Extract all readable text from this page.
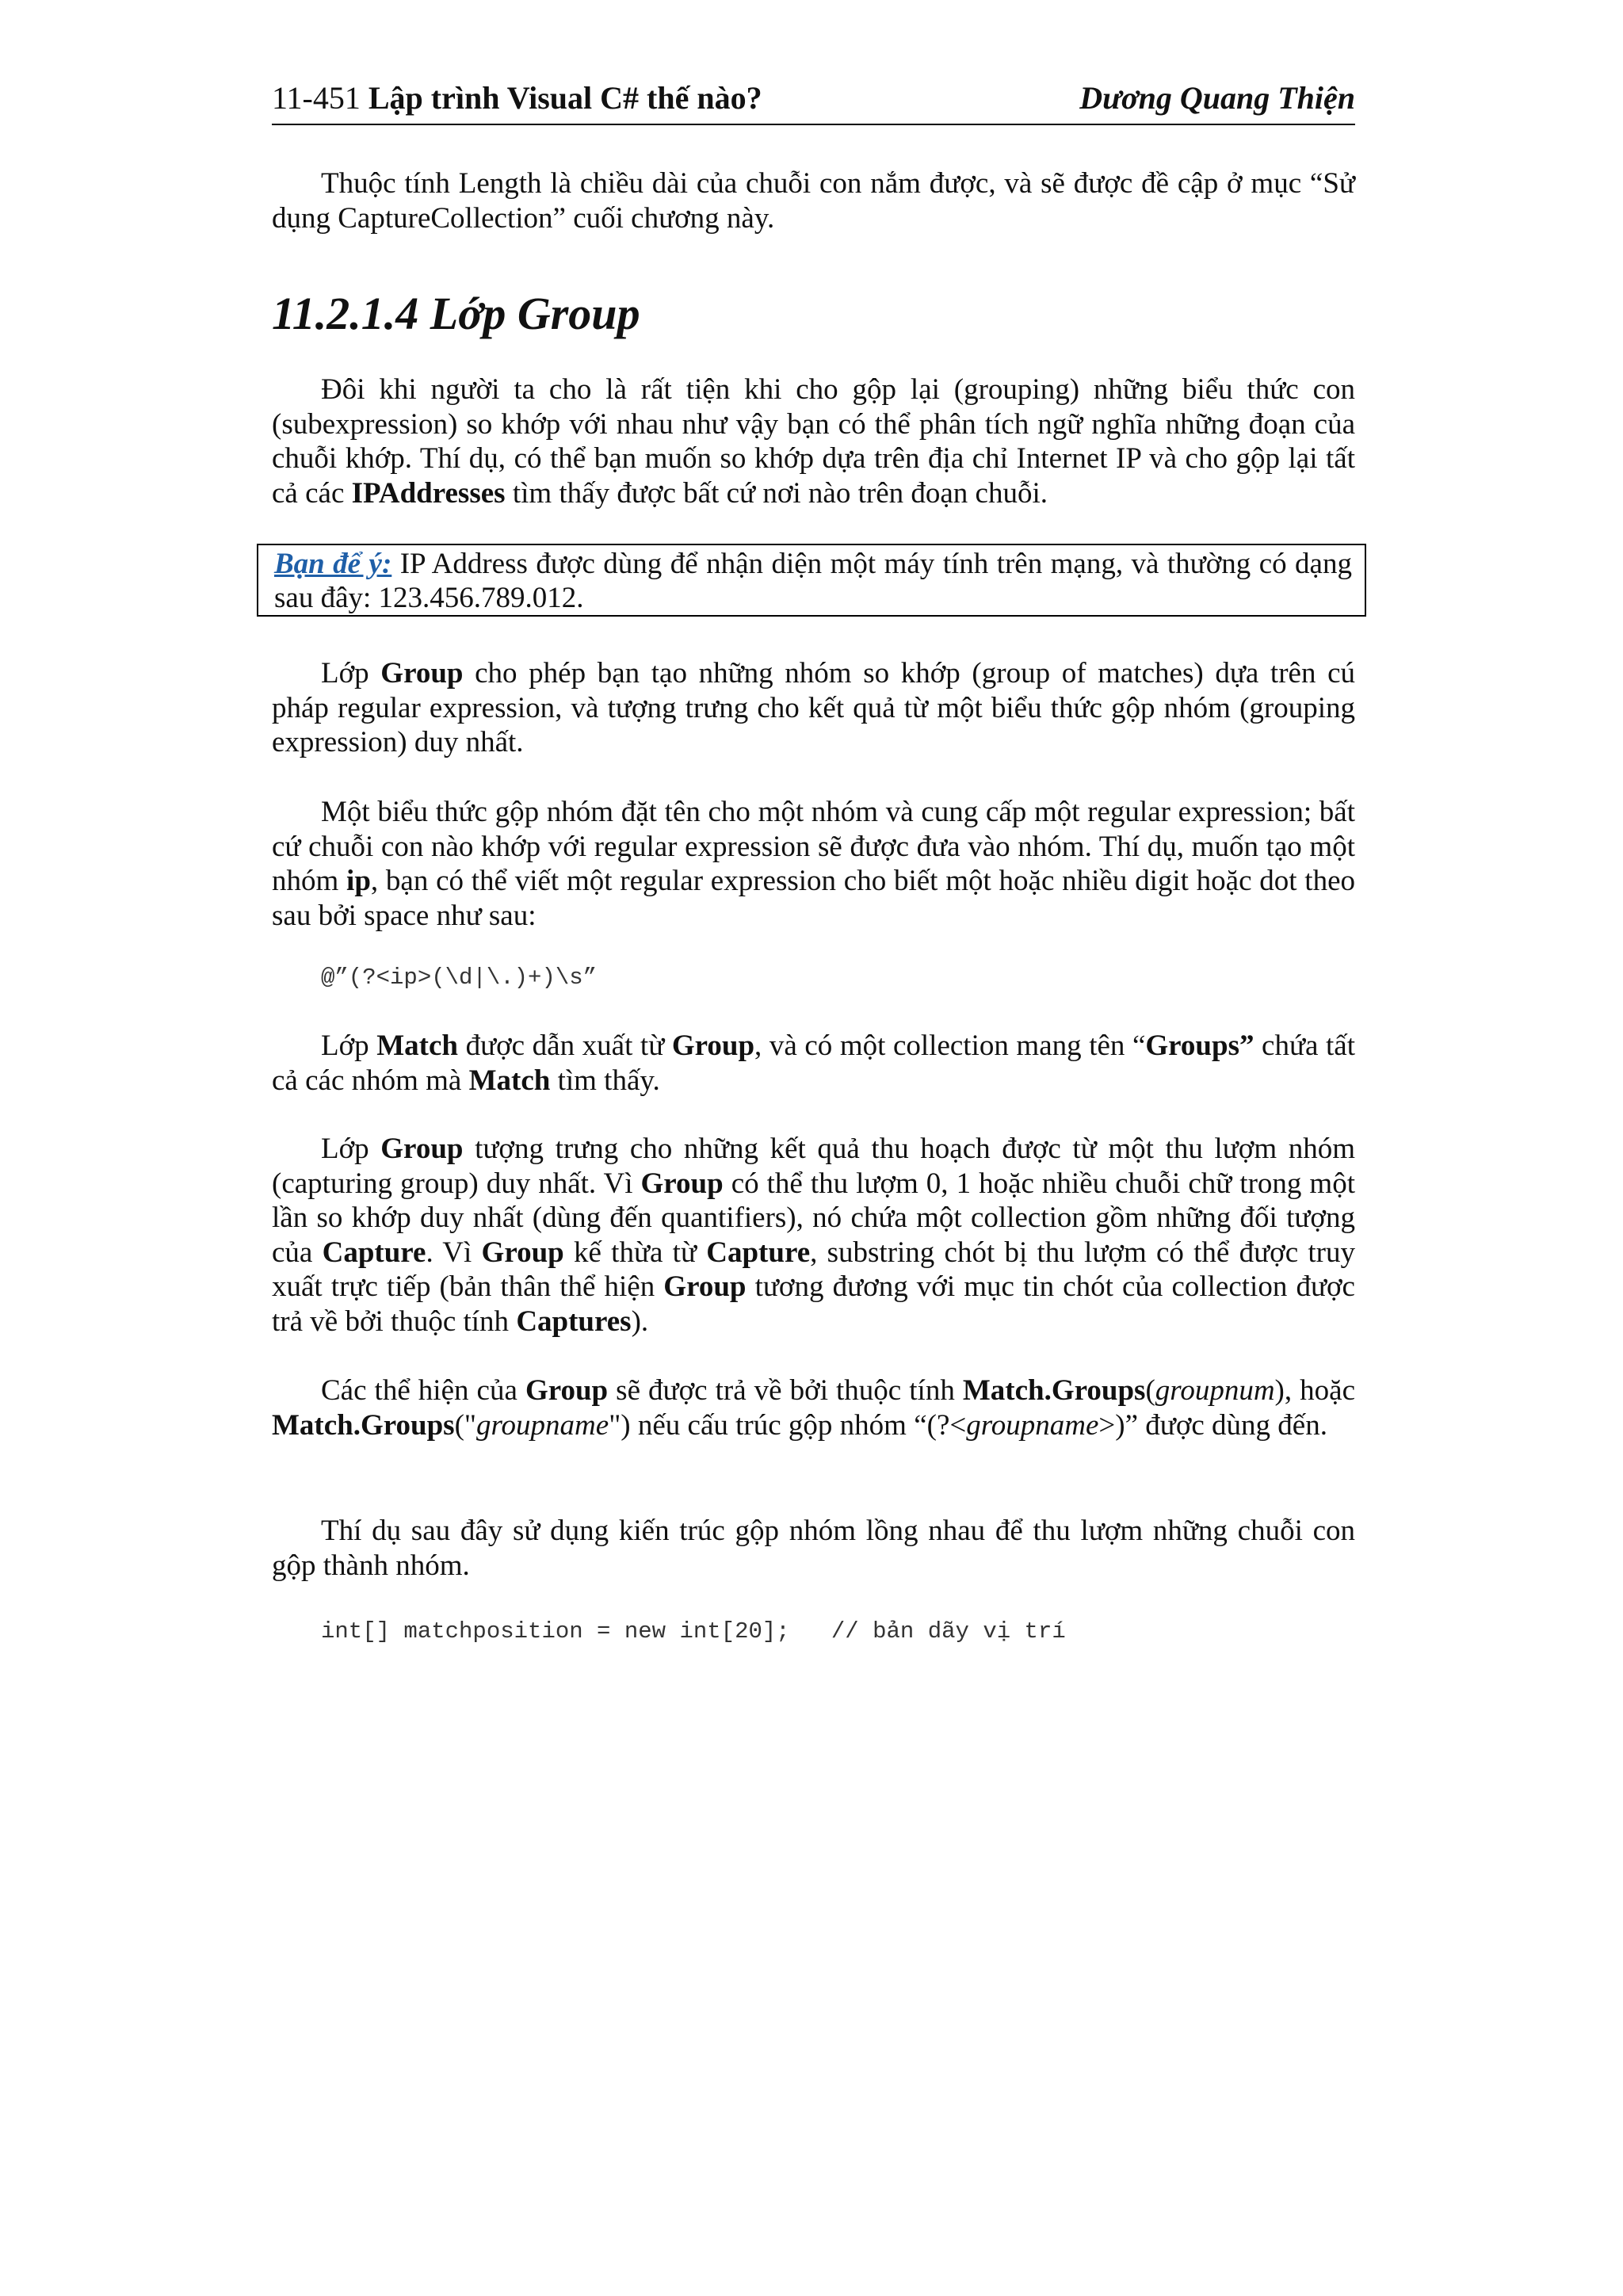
11-451 Lập trình Visual C# thế nào?	Dương Quang Thiện

Thuộc tính Length là chiều dài của chuỗi con nắm được, và sẽ được đề cập ở mục “Sử dụng CaptureCollection” cuối chương này.

11.2.1.4 Lớp Group

Đôi khi người ta cho là rất tiện khi cho gộp lại (grouping) những biểu thức con (subexpression) so khớp với nhau như vậy bạn có thể phân tích ngữ nghĩa những đoạn của chuỗi khớp. Thí dụ, có thể bạn muốn so khớp dựa trên địa chỉ Internet IP và cho gộp lại tất cả các IPAddresses tìm thấy được bất cứ nơi nào trên đoạn chuỗi.

Bạn để ý: IP Address được dùng để nhận diện một máy tính trên mạng, và thường có dạng sau đây: 123.456.789.012.

Lớp Group cho phép bạn tạo những nhóm so khớp (group of matches) dựa trên cú pháp regular expression, và tượng trưng cho kết quả từ một biểu thức gộp nhóm (grouping expression) duy nhất.

Một biểu thức gộp nhóm đặt tên cho một nhóm và cung cấp một regular expression; bất cứ chuỗi con nào khớp với regular expression sẽ được đưa vào nhóm. Thí dụ, muốn tạo một nhóm ip, bạn có thể viết một regular expression cho biết một hoặc nhiều digit hoặc dot theo sau bởi space như sau:

@”(?<ip>(\d|\.)+)\s”

Lớp Match được dẫn xuất từ Group, và có một collection mang tên “Groups” chứa tất cả các nhóm mà Match tìm thấy.

Lớp Group tượng trưng cho những kết quả thu hoạch được từ một thu lượm nhóm (capturing group) duy nhất. Vì Group có thể thu lượm 0, 1 hoặc nhiều chuỗi chữ trong một lần so khớp duy nhất (dùng đến quantifiers), nó chứa một collection gồm những đối tượng của Capture. Vì Group kế thừa từ Capture, substring chót bị thu lượm có thể được truy xuất trực tiếp (bản thân thể hiện Group tương đương với mục tin chót của collection được trả về bởi thuộc tính Captures).

Các thể hiện của Group sẽ được trả về bởi thuộc tính Match.Groups(groupnum), hoặc Match.Groups("groupname") nếu cấu trúc gộp nhóm “(?<groupname>)” được dùng đến.

Thí dụ sau đây sử dụng kiến trúc gộp nhóm lồng nhau để thu lượm những chuỗi con gộp thành nhóm.

int[] matchposition = new int[20];   // bản dãy vị trí
